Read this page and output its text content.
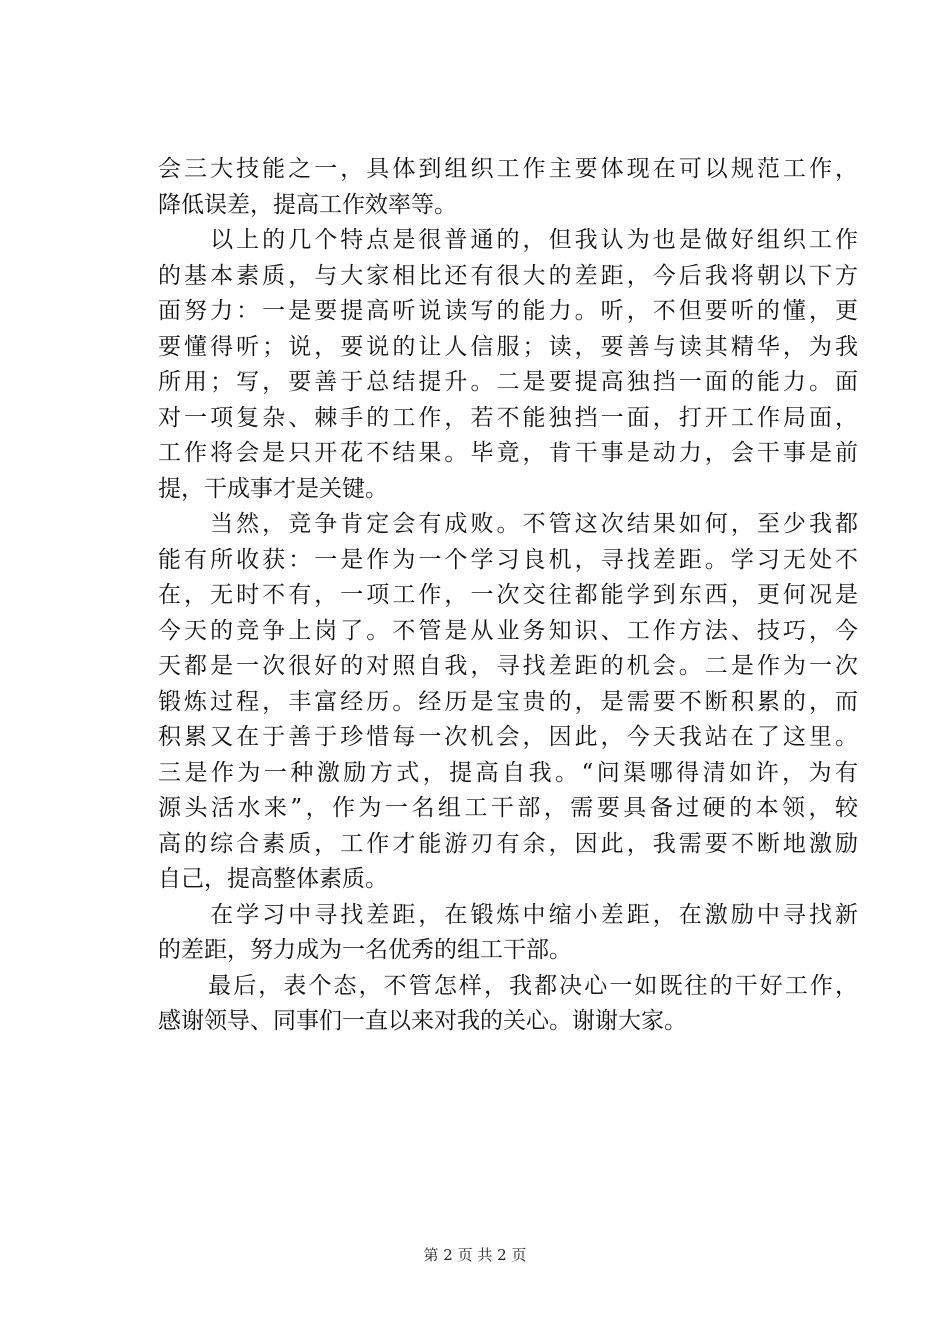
会三大技能之一，具体到组织工作主要体现在可以规范工作，
降低误差，提高工作效率等。
　　以上的几个特点是很普通的，但我认为也是做好组织工作
的基本素质，与大家相比还有很大的差距，今后我将朝以下方
面努力：一是要提高听说读写的能力。听，不但要听的懂，更
要懂得听；说，要说的让人信服；读，要善与读其精华，为我
所用；写，要善于总结提升。二是要提高独挡一面的能力。面
对一项复杂、棘手的工作，若不能独挡一面，打开工作局面，
工作将会是只开花不结果。毕竟，肯干事是动力，会干事是前
提，干成事才是关键。
　　当然，竞争肯定会有成败。不管这次结果如何，至少我都
能有所收获：一是作为一个学习良机，寻找差距。学习无处不
在，无时不有，一项工作，一次交往都能学到东西，更何况是
今天的竞争上岗了。不管是从业务知识、工作方法、技巧，今
天都是一次很好的对照自我，寻找差距的机会。二是作为一次
锻炼过程，丰富经历。经历是宝贵的，是需要不断积累的，而
积累又在于善于珍惜每一次机会，因此，今天我站在了这里。
三是作为一种激励方式，提高自我。“问渠哪得清如许，为有
源头活水来”，作为一名组工干部，需要具备过硬的本领，较
高的综合素质，工作才能游刃有余，因此，我需要不断地激励
自己，提高整体素质。
　　在学习中寻找差距，在锻炼中缩小差距，在激励中寻找新
的差距，努力成为一名优秀的组工干部。
　　最后，表个态，不管怎样，我都决心一如既往的干好工作，
感谢领导、同事们一直以来对我的关心。谢谢大家。
第 2 页 共 2 页
